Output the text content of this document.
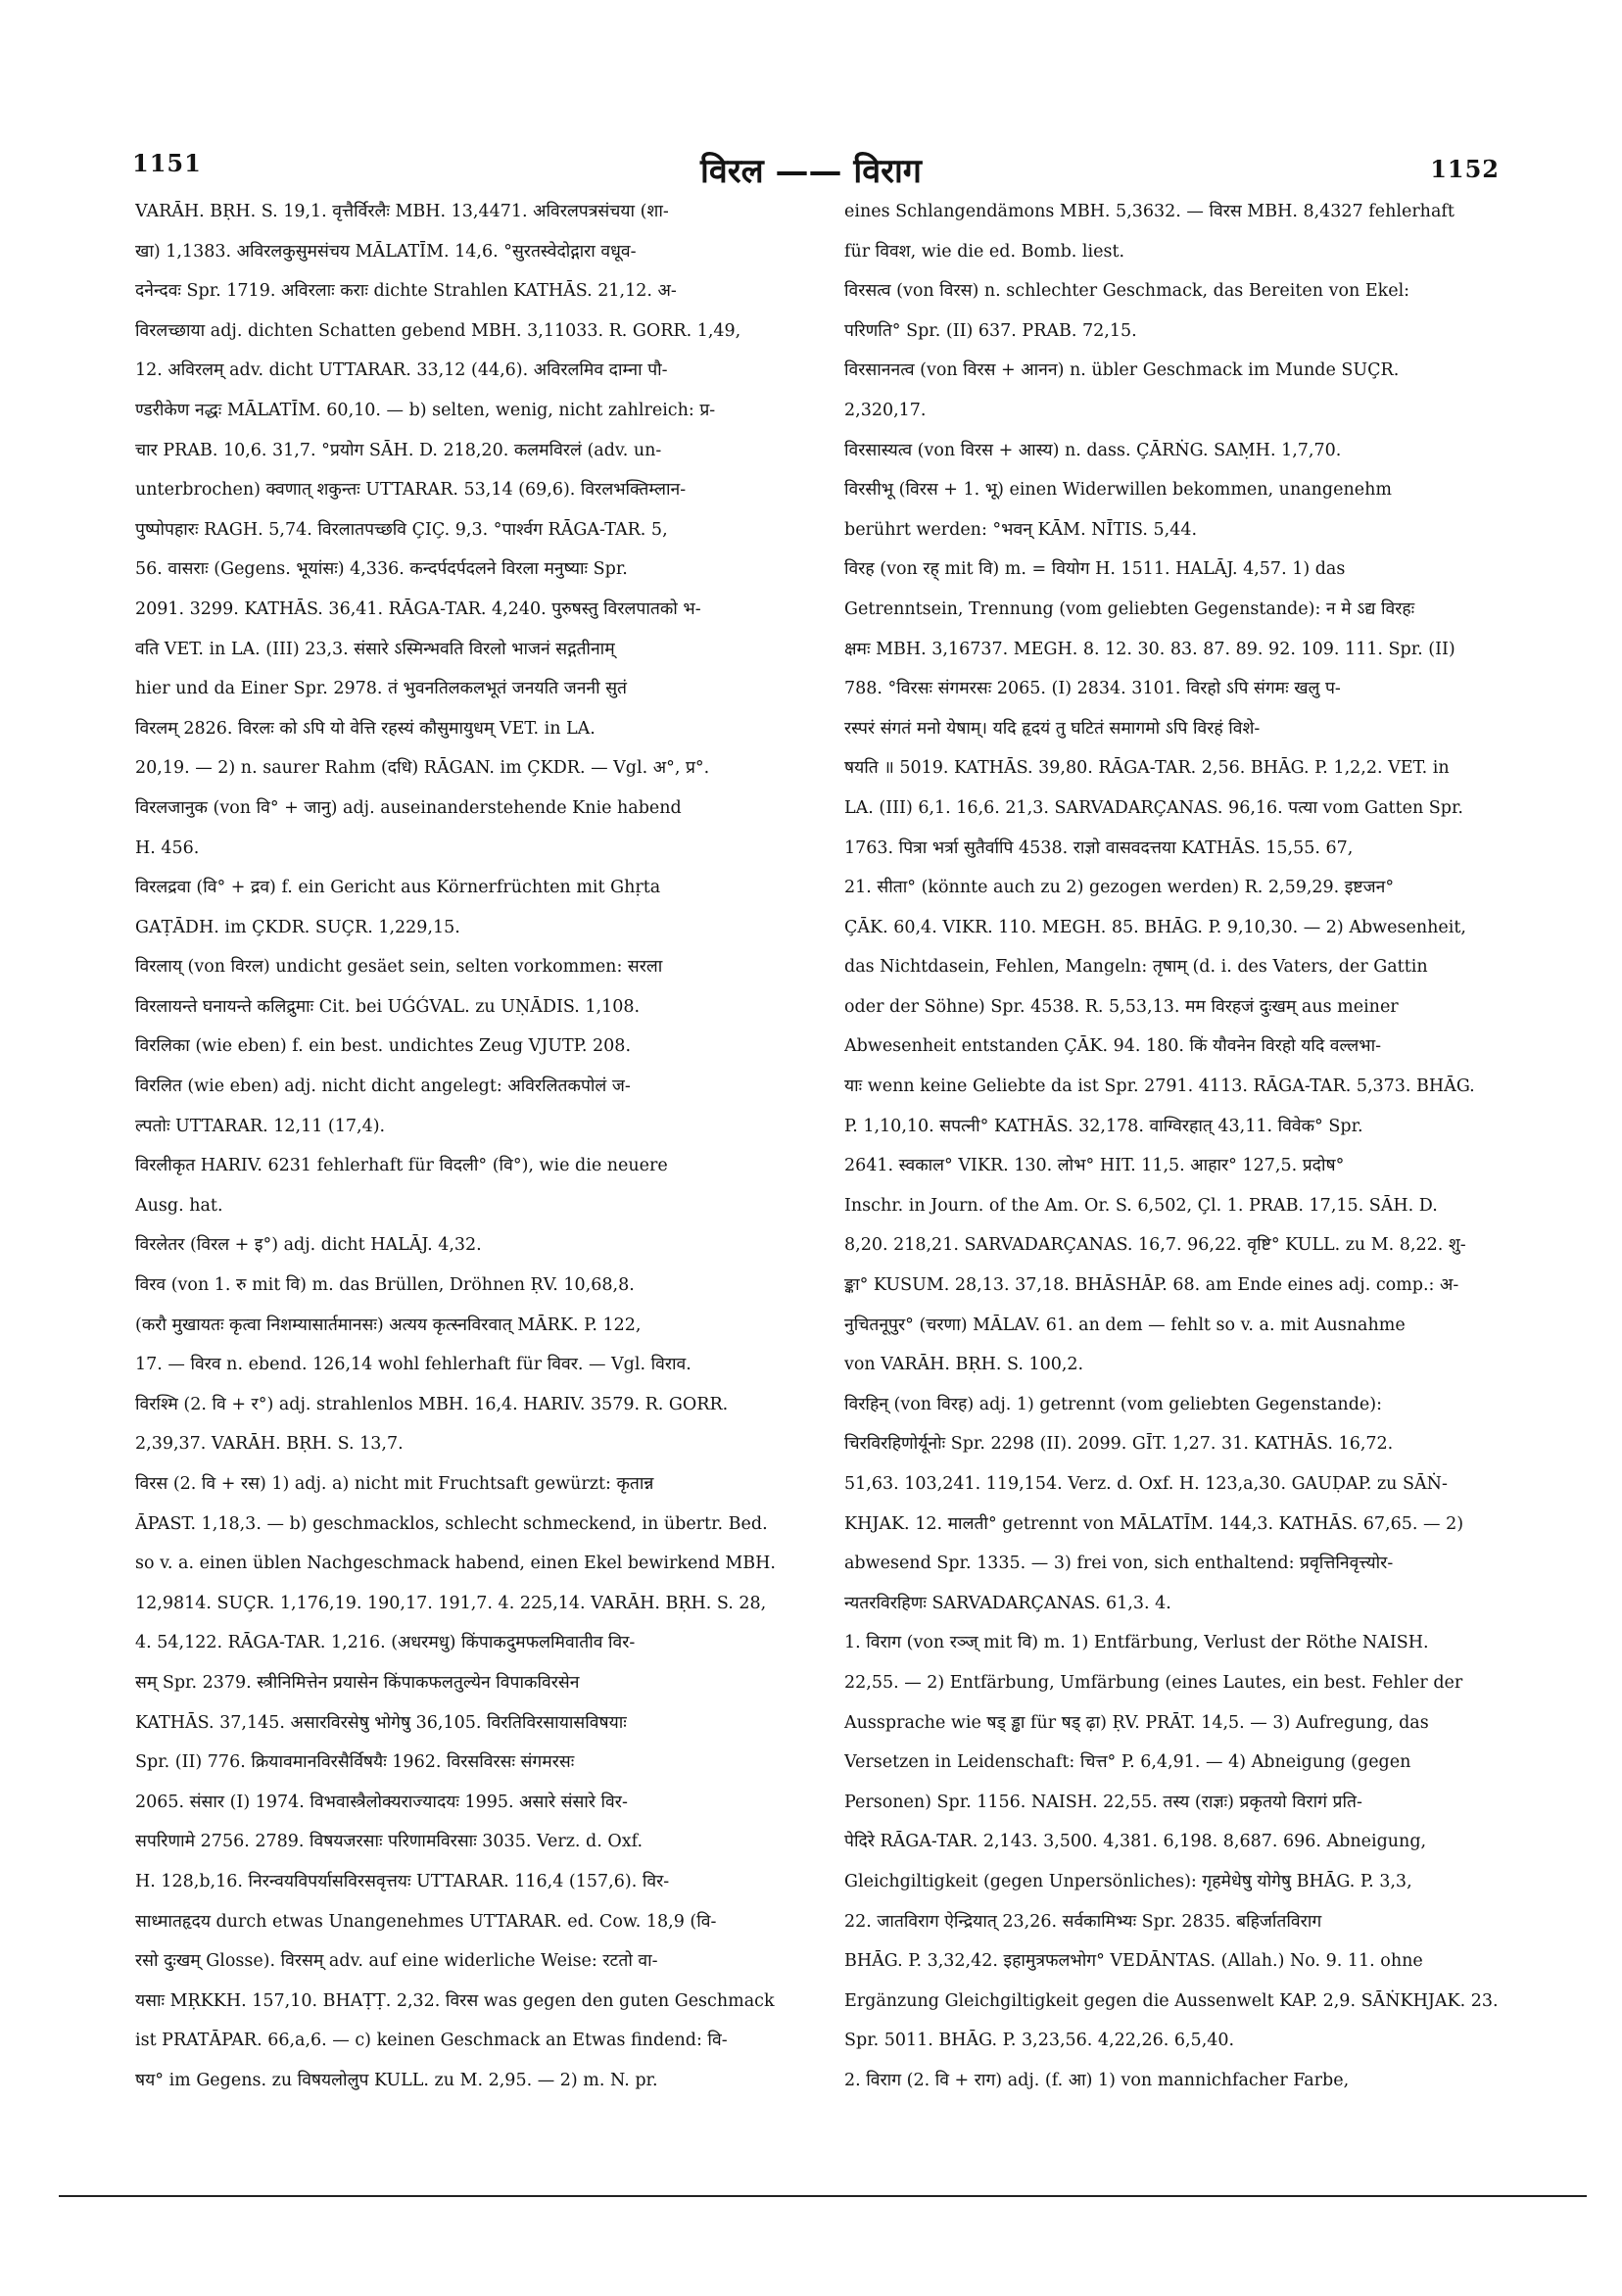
1151	विरल —— विराग	1152
VARĀH. BṚH. S. 19,1. वृत्तैर्विरलैः MBH. 13,4471. अविरलपत्रसंचया (शा-
खा) 1,1383. अविरलकुसुमसंचय MĀLATĪM. 14,6. °सुरतस्वेदोद्गारा वधूव-
दनेन्दवः Spr. 1719. अविरलाः कराः dichte Strahlen KATHĀS. 21,12. अ-
विरलच्छाया adj. dichten Schatten gebend MBH. 3,11033. R. GORR. 1,49,
12. अविरलम् adv. dicht UTTARAR. 33,12 (44,6). अविरलमिव दाम्ना पौ-
ण्डरीकेण नद्धः MĀLATĪM. 60,10. — b) selten, wenig, nicht zahlreich: प्र-
चार PRAB. 10,6. 31,7. °प्रयोग SĀH. D. 218,20. कलमविरलं (adv. un-
unterbrochen) क्वणात् शकुन्तः UTTARAR. 53,14 (69,6). विरलभक्तिम्लान-
पुष्पोपहारः RAGH. 5,74. विरलातपच्छवि ÇIÇ. 9,3. °पार्श्वग RĀGA-TAR. 5,
56. वासराः (Gegens. भूयांसः) 4,336. कन्दर्पदर्पदलने विरला मनुष्याः Spr.
2091. 3299. KATHĀS. 36,41. RĀGA-TAR. 4,240. पुरुषस्तु विरलपातको भ-
वति VET. in LA. (III) 23,3. संसारे ऽस्मिन्भवति विरलो भाजनं सद्गतीनाम्
hier und da Einer Spr. 2978. तं भुवनतिलकलभूतं जनयति जननी सुतं
विरलम् 2826. विरलः को ऽपि यो वेत्ति रहस्यं कौसुमायुधम् VET. in LA.
20,19. — 2) n. saurer Rahm (दधि) RĀGAN. im ÇKDR. — Vgl. अ°, प्र°.
विरलजानुक (von वि° + जानु) adj. auseinanderstehende Knie habend
H. 456.
विरलद्रवा (वि° + द्रव) f. ein Gericht aus Körnerfrüchten mit Ghṛta
GAṬĀDH. im ÇKDR. SUÇR. 1,229,15.
विरलाय् (von विरल) undicht gesäet sein, selten vorkommen: सरला
विरलायन्ते घनायन्ते कलिद्रुमाः Cit. bei UǴǴVAL. zu UṆĀDIS. 1,108.
विरलिका (wie eben) f. ein best. undichtes Zeug VJUTP. 208.
विरलित (wie eben) adj. nicht dicht angelegt: अविरलितकपोलं ज-
ल्पतोः UTTARAR. 12,11 (17,4).
विरलीकृत HARIV. 6231 fehlerhaft für विदली° (वि°), wie die neuere
Ausg. hat.
विरलेतर (विरल + इ°) adj. dicht HALĀJ. 4,32.
विरव (von 1. रु mit वि) m. das Brüllen, Dröhnen ṚV. 10,68,8.
(करौ मुखायतः कृत्वा निशम्यासार्तमानसः) अत्यय कृत्स्नविरवात् MĀRK. P. 122,
17. — विरव n. ebend. 126,14 wohl fehlerhaft für विवर. — Vgl. विराव.
विरश्मि (2. वि + र°) adj. strahlenlos MBH. 16,4. HARIV. 3579. R. GORR.
2,39,37. VARĀH. BṚH. S. 13,7.
विरस (2. वि + रस) 1) adj. a) nicht mit Fruchtsaft gewürzt: कृतान्न
ĀPAST. 1,18,3. — b) geschmacklos, schlecht schmeckend, in übertr. Bed.
so v. a. einen üblen Nachgeschmack habend, einen Ekel bewirkend MBH.
12,9814. SUÇR. 1,176,19. 190,17. 191,7. 4. 225,14. VARĀH. BṚH. S. 28,
4. 54,122. RĀGA-TAR. 1,216. (अधरमधु) किंपाकदुमफलमिवातीव विर-
सम् Spr. 2379. स्त्रीनिमित्तेन प्रयासेन किंपाकफलतुल्येन विपाकविरसेन
KATHĀS. 37,145. असारविरसेषु भोगेषु 36,105. विरतिविरसायासविषयाः
Spr. (II) 776. क्रियावमानविरसैर्विषयैः 1962. विरसविरसः संगमरसः
2065. संसार (I) 1974. विभवास्त्रैलोक्यराज्यादयः 1995. असारे संसारे विर-
सपरिणामे 2756. 2789. विषयजरसाः परिणामविरसाः 3035. Verz. d. Oxf.
H. 128,b,16. निरन्वयविपर्यासविरसवृत्तयः UTTARAR. 116,4 (157,6). विर-
साध्मातहृदय durch etwas Unangenehmes UTTARAR. ed. Cow. 18,9 (वि-
रसो दुःखम् Glosse). विरसम् adv. auf eine widerliche Weise: रटतो वा-
यसाः MṚKKH. 157,10. BHAṬṬ. 2,32. विरस was gegen den guten Geschmack
ist PRATĀPAR. 66,a,6. — c) keinen Geschmack an Etwas findend: वि-
षय° im Gegens. zu विषयलोलुप KULL. zu M. 2,95. — 2) m. N. pr.
eines Schlangendämons MBH. 5,3632. — विरस MBH. 8,4327 fehlerhaft
für विवश, wie die ed. Bomb. liest.
विरसत्व (von विरस) n. schlechter Geschmack, das Bereiten von Ekel:
परिणति° Spr. (II) 637. PRAB. 72,15.
विरसाननत्व (von विरस + आनन) n. übler Geschmack im Munde SUÇR.
2,320,17.
विरसास्यत्व (von विरस + आस्य) n. dass. ÇĀRṄG. SAṂH. 1,7,70.
विरसीभू (विरस + 1. भू) einen Widerwillen bekommen, unangenehm
berührt werden: °भवन् KĀM. NĪTIS. 5,44.
विरह (von रह् mit वि) m. = वियोग H. 1511. HALĀJ. 4,57. 1) das
Getrenntsein, Trennung (vom geliebten Gegenstande): न मे ऽद्य विरहः
क्षमः MBH. 3,16737. MEGH. 8. 12. 30. 83. 87. 89. 92. 109. 111. Spr. (II)
788. °विरसः संगमरसः 2065. (I) 2834. 3101. विरहो ऽपि संगमः खलु प-
रस्परं संगतं मनो येषाम्। यदि हृदयं तु घटितं समागमो ऽपि विरहं विशे-
षयति ॥ 5019. KATHĀS. 39,80. RĀGA-TAR. 2,56. BHĀG. P. 1,2,2. VET. in
LA. (III) 6,1. 16,6. 21,3. SARVADARÇANAS. 96,16. पत्या vom Gatten Spr.
1763. पित्रा भर्त्रा सुतैर्वापि 4538. राज्ञो वासवदत्तया KATHĀS. 15,55. 67,
21. सीता° (könnte auch zu 2) gezogen werden) R. 2,59,29. इष्टजन°
ÇĀK. 60,4. VIKR. 110. MEGH. 85. BHĀG. P. 9,10,30. — 2) Abwesenheit,
das Nichtdasein, Fehlen, Mangeln: तृषाम् (d. i. des Vaters, der Gattin
oder der Söhne) Spr. 4538. R. 5,53,13. मम विरहजं दुःखम् aus meiner
Abwesenheit entstanden ÇĀK. 94. 180. किं यौवनेन विरहो यदि वल्लभा-
याः wenn keine Geliebte da ist Spr. 2791. 4113. RĀGA-TAR. 5,373. BHĀG.
P. 1,10,10. सपत्नी° KATHĀS. 32,178. वाग्विरहात् 43,11. विवेक° Spr.
2641. स्वकाल° VIKR. 130. लोभ° HIT. 11,5. आहार° 127,5. प्रदोष°
Inschr. in Journ. of the Am. Or. S. 6,502, Çl. 1. PRAB. 17,15. SĀH. D.
8,20. 218,21. SARVADARÇANAS. 16,7. 96,22. वृष्टि° KULL. zu M. 8,22. शु-
ङ्का° KUSUM. 28,13. 37,18. BHĀSHĀP. 68. am Ende eines adj. comp.: अ-
नुचितनूपुर° (चरणा) MĀLAV. 61. an dem — fehlt so v. a. mit Ausnahme
von VARĀH. BṚH. S. 100,2.
विरहिन् (von विरह) adj. 1) getrennt (vom geliebten Gegenstande):
चिरविरहिणोर्यूनोः Spr. 2298 (II). 2099. GĪT. 1,27. 31. KATHĀS. 16,72.
51,63. 103,241. 119,154. Verz. d. Oxf. H. 123,a,30. GAUḌAP. zu SĀṄ-
KHJAK. 12. मालती° getrennt von MĀLATĪM. 144,3. KATHĀS. 67,65. — 2)
abwesend Spr. 1335. — 3) frei von, sich enthaltend: प्रवृत्तिनिवृत्त्योर-
न्यतरविरहिणः SARVADARÇANAS. 61,3. 4.
1. विराग (von रञ्ज् mit वि) m. 1) Entfärbung, Verlust der Röthe NAISH.
22,55. — 2) Entfärbung, Umfärbung (eines Lautes, ein best. Fehler der
Aussprache wie षड् ड्ढा für षड् ढ़ा) ṚV. PRĀT. 14,5. — 3) Aufregung, das
Versetzen in Leidenschaft: चित्त° P. 6,4,91. — 4) Abneigung (gegen
Personen) Spr. 1156. NAISH. 22,55. तस्य (राज्ञः) प्रकृतयो विरागं प्रति-
पेदिरे RĀGA-TAR. 2,143. 3,500. 4,381. 6,198. 8,687. 696. Abneigung,
Gleichgiltigkeit (gegen Unpersönliches): गृहमेधेषु योगेषु BHĀG. P. 3,3,
22. जातविराग ऐन्द्रियात् 23,26. सर्वकामिभ्यः Spr. 2835. बहिर्जातविराग
BHĀG. P. 3,32,42. इहामुत्रफलभोग° VEDĀNTAS. (Allah.) No. 9. 11. ohne
Ergänzung Gleichgiltigkeit gegen die Aussenwelt KAP. 2,9. SĀṄKHJAK. 23.
Spr. 5011. BHĀG. P. 3,23,56. 4,22,26. 6,5,40.
2. विराग (2. वि + राग) adj. (f. आ) 1) von mannichfacher Farbe,
